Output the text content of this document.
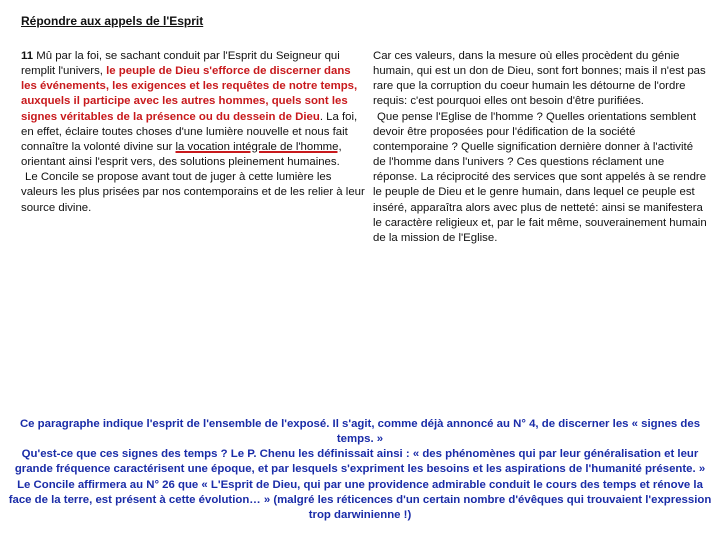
Répondre aux appels de l'Esprit

11 Mû par la foi, se sachant conduit par l'Esprit du Seigneur qui remplit l'univers, le peuple de Dieu s'efforce de discerner dans les événements, les exigences et les requêtes de notre temps, auxquels il participe avec les autres hommes, quels sont les signes véritables de la présence ou du dessein de Dieu. La foi, en effet, éclaire toutes choses d'une lumière nouvelle et nous fait connaître la volonté divine sur la vocation intégrale de l'homme, orientant ainsi l'esprit vers, des solutions pleinement humaines.

Le Concile se propose avant tout de juger à cette lumière les valeurs les plus prisées par nos contemporains et de les relier à leur source divine.

Car ces valeurs, dans la mesure où elles procèdent du génie humain, qui est un don de Dieu, sont fort bonnes; mais il n'est pas rare que la corruption du coeur humain les détourne de l'ordre requis: c'est pourquoi elles ont besoin d'être purifiées.

Que pense l'Eglise de l'homme ? Quelles orientations semblent devoir être proposées pour l'édification de la société contemporaine ? Quelle signification dernière donner à l'activité de l'homme dans l'univers ? Ces questions réclament une réponse. La réciprocité des services que sont appelés à se rendre le peuple de Dieu et le genre humain, dans lequel ce peuple est inséré, apparaîtra alors avec plus de netteté: ainsi se manifestera le caractère religieux et, par le fait même, souverainement humain de la mission de l'Eglise.

Ce paragraphe indique l'esprit de l'ensemble de l'exposé. Il s'agit, comme déjà annoncé au N° 4, de discerner les « signes des temps. »

Qu'est-ce que ces signes des temps ? Le P. Chenu les définissait ainsi : « des phénomènes qui par leur généralisation et leur grande fréquence caractérisent une époque, et par lesquels s'expriment les besoins et les aspirations de l'humanité présente. »

Le Concile affirmera au N° 26 que « L'Esprit de Dieu, qui par une providence admirable conduit le cours des temps et rénove la face de la terre, est présent à cette évolution… » (malgré les réticences d'un certain nombre d'évêques qui trouvaient l'expression trop darwinienne !)
